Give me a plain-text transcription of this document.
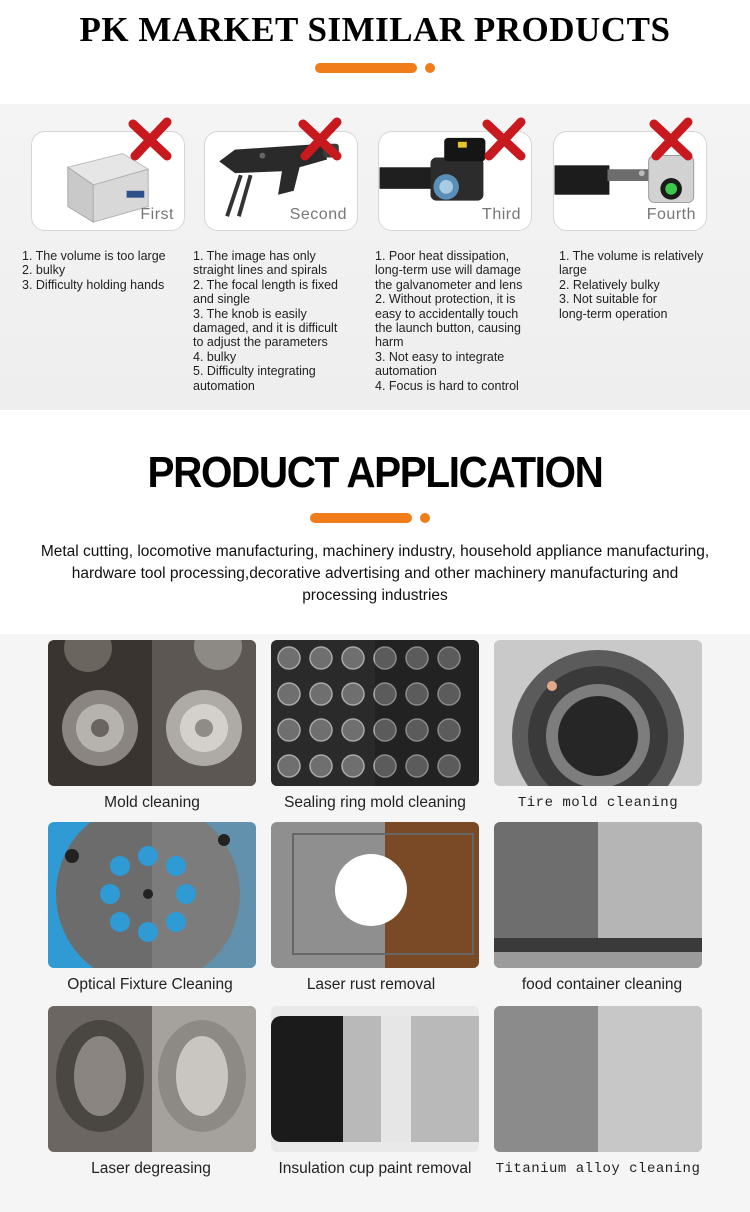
PK MARKET SIMILAR PRODUCTS
First	Second	Third	Fourth
1. The volume is too large
2. bulky
3. Difficulty holding hands
1. The image has only
straight lines and spirals
2. The focal length is fixed
and single
3. The knob is easily
damaged, and it is difficult
to adjust the parameters
4. bulky
5. Difficulty integrating
automation
1. Poor heat dissipation,
long-term use will damage
the galvanometer and lens
2. Without protection, it is
easy to accidentally touch
the launch button, causing
harm
3. Not easy to integrate
automation
4. Focus is hard to control
1. The volume is relatively
large
2. Relatively bulky
3. Not suitable for
long-term operation
PRODUCT APPLICATION

Metal cutting, locomotive manufacturing, machinery industry, household appliance manufacturing, hardware tool processing,decorative advertising and other machinery manufacturing and processing industries

Mold cleaning	Sealing ring mold cleaning	Tire mold cleaning
Optical Fixture Cleaning	Laser rust removal	food container cleaning
Laser degreasing	Insulation cup paint removal	Titanium alloy cleaning
